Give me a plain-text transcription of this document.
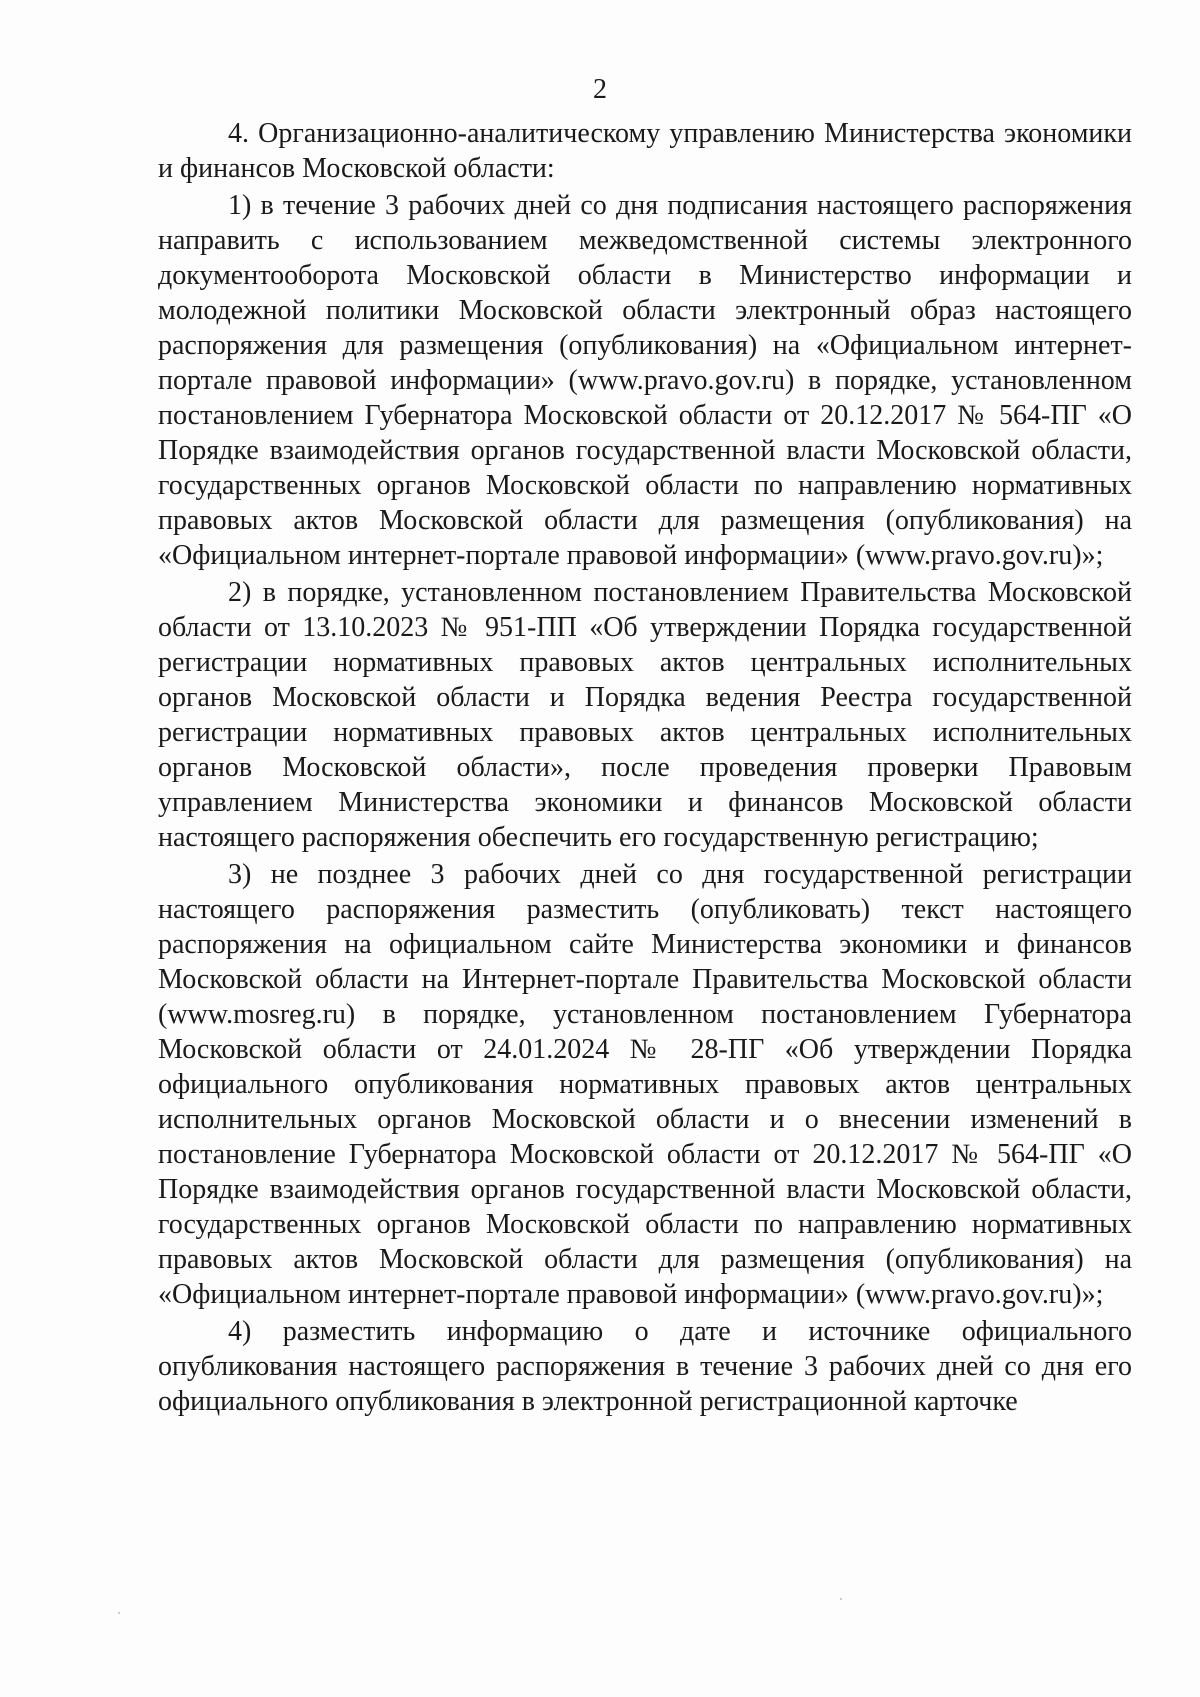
2

4. Организационно-аналитическому управлению Министерства экономики и финансов Московской области:

1) в течение 3 рабочих дней со дня подписания настоящего распоряжения направить с использованием межведомственной системы электронного документооборота Московской области в Министерство информации и молодежной политики Московской области электронный образ настоящего распоряжения для размещения (опубликования) на «Официальном интернет-портале правовой информации» (www.pravo.gov.ru) в порядке, установленном постановлением Губернатора Московской области от 20.12.2017 № 564-ПГ «О Порядке взаимодействия органов государственной власти Московской области, государственных органов Московской области по направлению нормативных правовых актов Московской области для размещения (опубликования) на «Официальном интернет-портале правовой информации» (www.pravo.gov.ru)»;

2) в порядке, установленном постановлением Правительства Московской области от 13.10.2023 № 951-ПП «Об утверждении Порядка государственной регистрации нормативных правовых актов центральных исполнительных органов Московской области и Порядка ведения Реестра государственной регистрации нормативных правовых актов центральных исполнительных органов Московской области», после проведения проверки Правовым управлением Министерства экономики и финансов Московской области настоящего распоряжения обеспечить его государственную регистрацию;

3) не позднее 3 рабочих дней со дня государственной регистрации настоящего распоряжения разместить (опубликовать) текст настоящего распоряжения на официальном сайте Министерства экономики и финансов Московской области на Интернет-портале Правительства Московской области (www.mosreg.ru) в порядке, установленном постановлением Губернатора Московской области от 24.01.2024 № 28-ПГ «Об утверждении Порядка официального опубликования нормативных правовых актов центральных исполнительных органов Московской области и о внесении изменений в постановление Губернатора Московской области от 20.12.2017 № 564-ПГ «О Порядке взаимодействия органов государственной власти Московской области, государственных органов Московской области по направлению нормативных правовых актов Московской области для размещения (опубликования) на «Официальном интернет-портале правовой информации» (www.pravo.gov.ru)»;

4) разместить информацию о дате и источнике официального опубликования настоящего распоряжения в течение 3 рабочих дней со дня его официального опубликования в электронной регистрационной карточке
